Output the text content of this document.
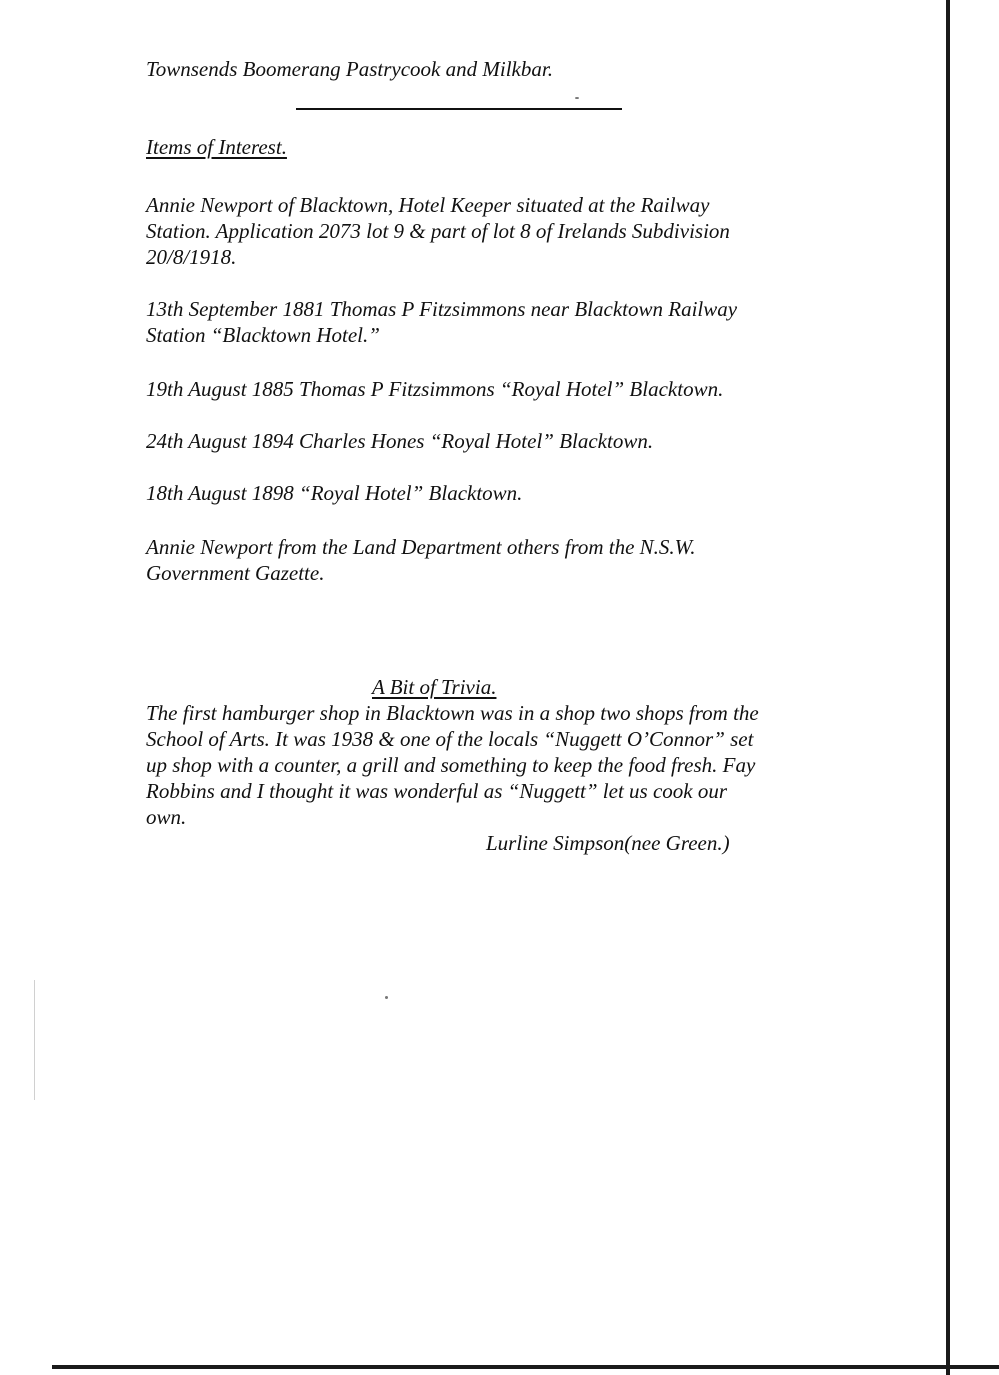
Townsends Boomerang Pastrycook and Milkbar.

Items of Interest.

Annie Newport of Blacktown, Hotel Keeper situated at the Railway
Station. Application 2073 lot 9 & part of lot 8 of Irelands Subdivision
20/8/1918.

13th September 1881 Thomas P Fitzsimmons near Blacktown Railway
Station “Blacktown Hotel.”

19th August 1885 Thomas P Fitzsimmons “Royal Hotel” Blacktown.

24th August 1894 Charles Hones “Royal Hotel” Blacktown.

18th August 1898 “Royal Hotel” Blacktown.

Annie Newport from the Land Department others from the N.S.W.
Government Gazette.

A Bit of Trivia.

The first hamburger shop in Blacktown was in a shop two shops from the
School of Arts. It was 1938 & one of the locals “Nuggett O’Connor” set
up shop with a counter, a grill and something to keep the food fresh. Fay
Robbins and I thought it was wonderful as “Nuggett” let us cook our
own.

Lurline Simpson(nee Green.)
